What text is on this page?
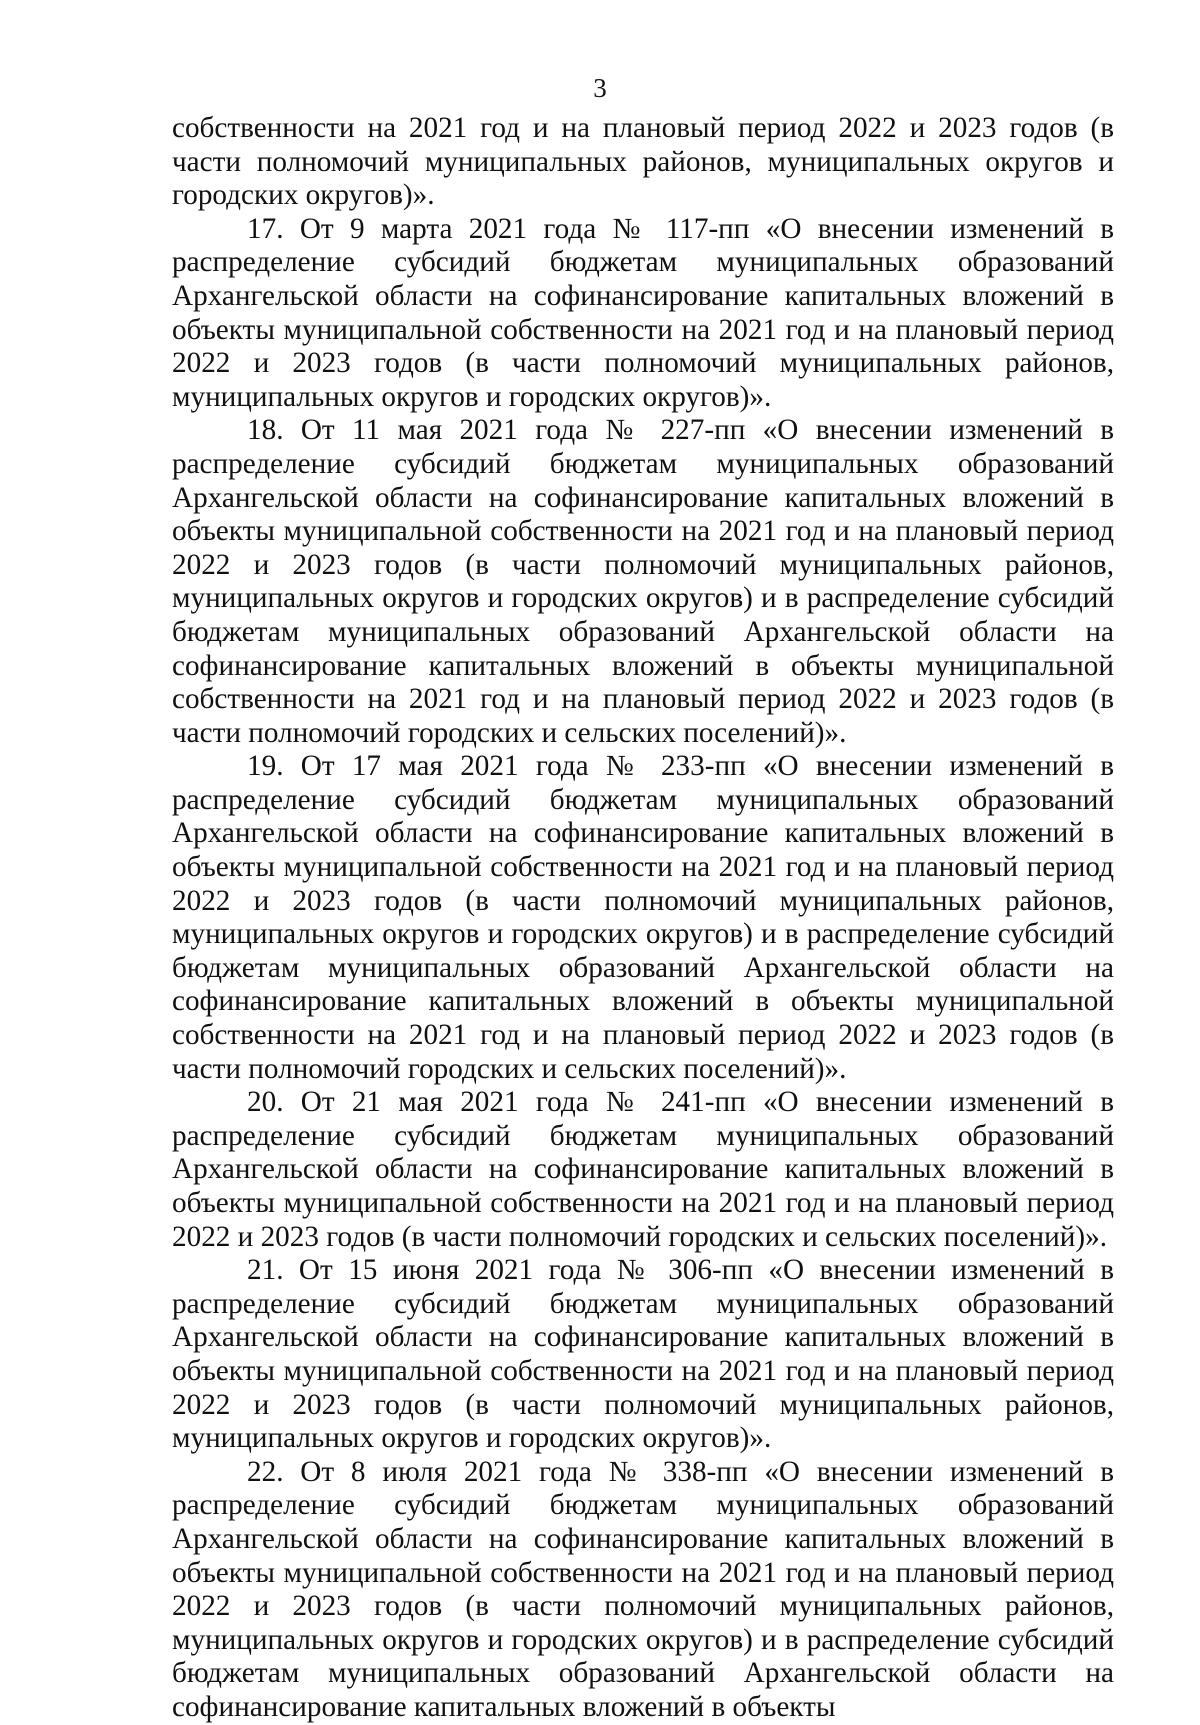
3

собственности на 2021 год и на плановый период 2022 и 2023 годов (в части полномочий муниципальных районов, муниципальных округов и городских округов)».

17. От 9 марта 2021 года № 117-пп «О внесении изменений в распределение субсидий бюджетам муниципальных образований Архангельской области на софинансирование капитальных вложений в объекты муниципальной собственности на 2021 год и на плановый период 2022 и 2023 годов (в части полномочий муниципальных районов, муниципальных округов и городских округов)».

18. От 11 мая 2021 года № 227-пп «О внесении изменений в распределение субсидий бюджетам муниципальных образований Архангельской области на софинансирование капитальных вложений в объекты муниципальной собственности на 2021 год и на плановый период 2022 и 2023 годов (в части полномочий муниципальных районов, муниципальных округов и городских округов) и в распределение субсидий бюджетам муниципальных образований Архангельской области на софинансирование капитальных вложений в объекты муниципальной собственности на 2021 год и на плановый период 2022 и 2023 годов (в части полномочий городских и сельских поселений)».

19. От 17 мая 2021 года № 233-пп «О внесении изменений в распределение субсидий бюджетам муниципальных образований Архангельской области на софинансирование капитальных вложений в объекты муниципальной собственности на 2021 год и на плановый период 2022 и 2023 годов (в части полномочий муниципальных районов, муниципальных округов и городских округов) и в распределение субсидий бюджетам муниципальных образований Архангельской области на софинансирование капитальных вложений в объекты муниципальной собственности на 2021 год и на плановый период 2022 и 2023 годов (в части полномочий городских и сельских поселений)».

20. От 21 мая 2021 года № 241-пп «О внесении изменений в распределение субсидий бюджетам муниципальных образований Архангельской области на софинансирование капитальных вложений в объекты муниципальной собственности на 2021 год и на плановый период 2022 и 2023 годов (в части полномочий городских и сельских поселений)».

21. От 15 июня 2021 года № 306-пп «О внесении изменений в распределение субсидий бюджетам муниципальных образований Архангельской области на софинансирование капитальных вложений в объекты муниципальной собственности на 2021 год и на плановый период 2022 и 2023 годов (в части полномочий муниципальных районов, муниципальных округов и городских округов)».

22. От 8 июля 2021 года № 338-пп «О внесении изменений в распределение субсидий бюджетам муниципальных образований Архангельской области на софинансирование капитальных вложений в объекты муниципальной собственности на 2021 год и на плановый период 2022 и 2023 годов (в части полномочий муниципальных районов, муниципальных округов и городских округов) и в распределение субсидий бюджетам муниципальных образований Архангельской области на софинансирование капитальных вложений в объекты
